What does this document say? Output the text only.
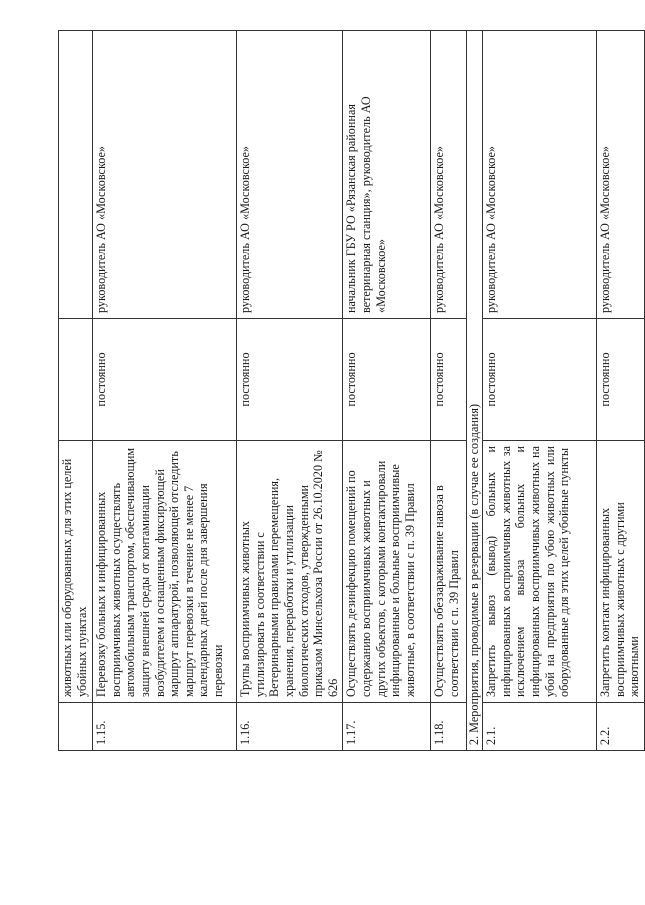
	животных или оборудованных для этих целей убойных пунктах		
1.15.	Перевозку больных и инфицированных восприимчивых животных осуществлять автомобильным транспортом, обеспечивающим защиту внешней среды от контаминации возбудителем и оснащенным фиксирующей маршрут аппаратурой, позволяющей отследить маршрут перевозки в течение не менее 7 календарных дней после дня завершения перевозки	постоянно	руководитель АО «Московское»
1.16.	Трупы восприимчивых животных утилизировать в соответствии с Ветеринарными правилами перемещения, хранения, переработки и утилизации биологических отходов, утвержденными приказом Минсельхоза России от 26.10.2020 № 626	постоянно	руководитель АО «Московское»
1.17.	Осуществлять дезинфекцию помещений по содержанию восприимчивых животных и других объектов, с которыми контактировали инфицированные и больные восприимчивые животные, в соответствии с п. 39 Правил	постоянно	начальник ГБУ РО «Рязанская районная ветеринарная станция», руководитель АО «Московское»
1.18.	Осуществлять обеззараживание навоза в соответствии с п. 39 Правил	постоянно	руководитель АО «Московское»
2. Мероприятия, проводимые в резервации (в случае ее создания)			
2.1.	Запретить вывоз (вывод) больных и инфицированных восприимчивых животных за исключением вывоза больных и инфицированных восприимчивых животных на убой на предприятия по убою животных или оборудованные для этих целей убойные пункты	постоянно	руководитель АО «Московское»
2.2.	Запретить контакт инфицированных восприимчивых животных с другими животными	постоянно	руководитель АО «Московское»
